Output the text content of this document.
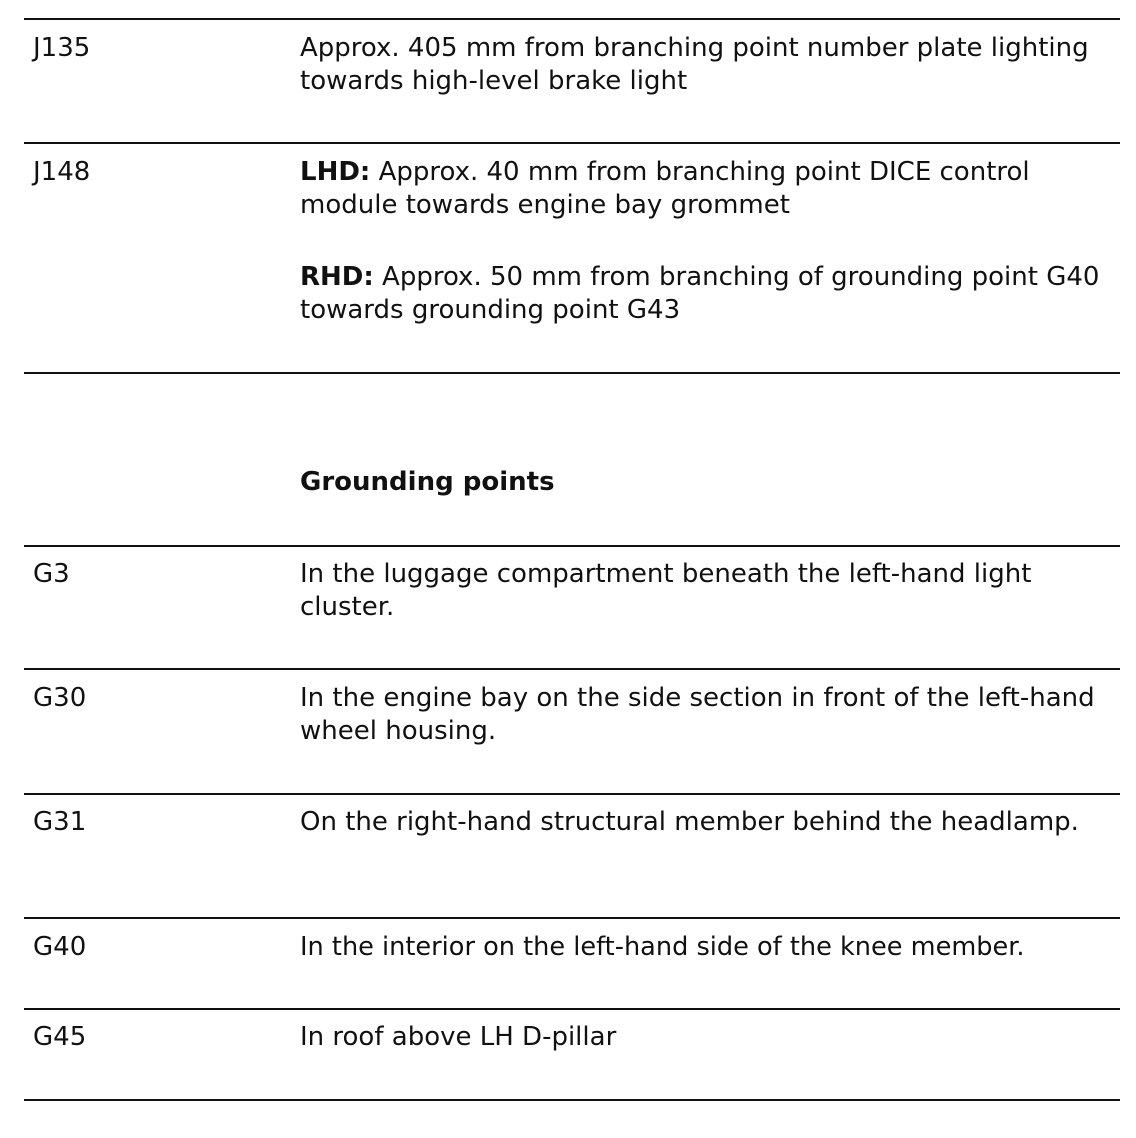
J135	Approx. 405 mm from branching point number plate lighting towards high-level brake light
J148	LHD: Approx. 40 mm from branching point DICE control module towards engine bay grommet
RHD: Approx. 50 mm from branching of grounding point G40 towards grounding point G43
Grounding points
G3	In the luggage compartment beneath the left-hand light cluster.
G30	In the engine bay on the side section in front of the left-hand wheel housing.
G31	On the right-hand structural member behind the headlamp.
G40	In the interior on the left-hand side of the knee member.
G45	In roof above LH D-pillar
